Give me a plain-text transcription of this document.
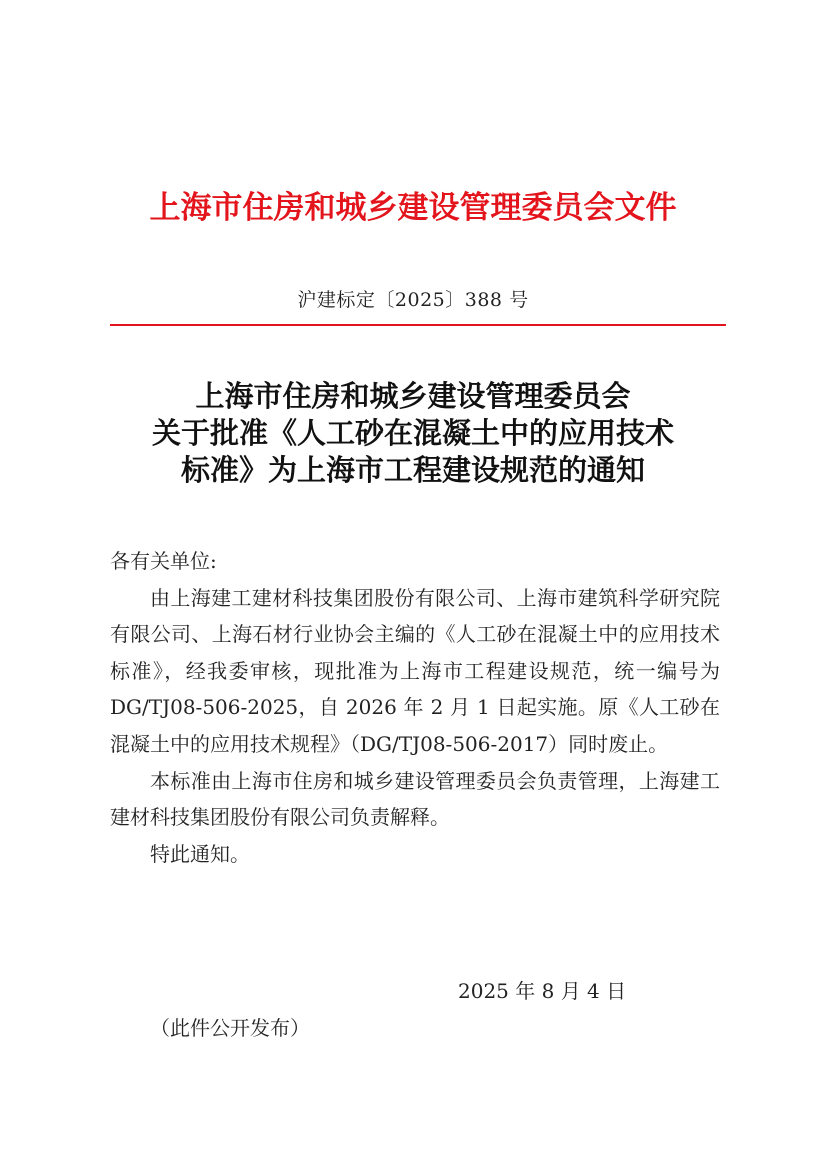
上海市住房和城乡建设管理委员会文件
沪建标定〔2025〕388 号
上海市住房和城乡建设管理委员会
关于批准《人工砂在混凝土中的应用技术
标准》为上海市工程建设规范的通知

各有关单位:

由上海建工建材科技集团股份有限公司、上海市建筑科学研究院有限公司、上海石材行业协会主编的《人工砂在混凝土中的应用技术标准》，经我委审核，现批准为上海市工程建设规范，统一编号为 DG/TJ08-506-2025，自 2026 年 2 月 1 日起实施。原《人工砂在混凝土中的应用技术规程》（DG/TJ08-506-2017）同时废止。

本标准由上海市住房和城乡建设管理委员会负责管理，上海建工建材科技集团股份有限公司负责解释。

特此通知。

2025 年 8 月 4 日
（此件公开发布）
